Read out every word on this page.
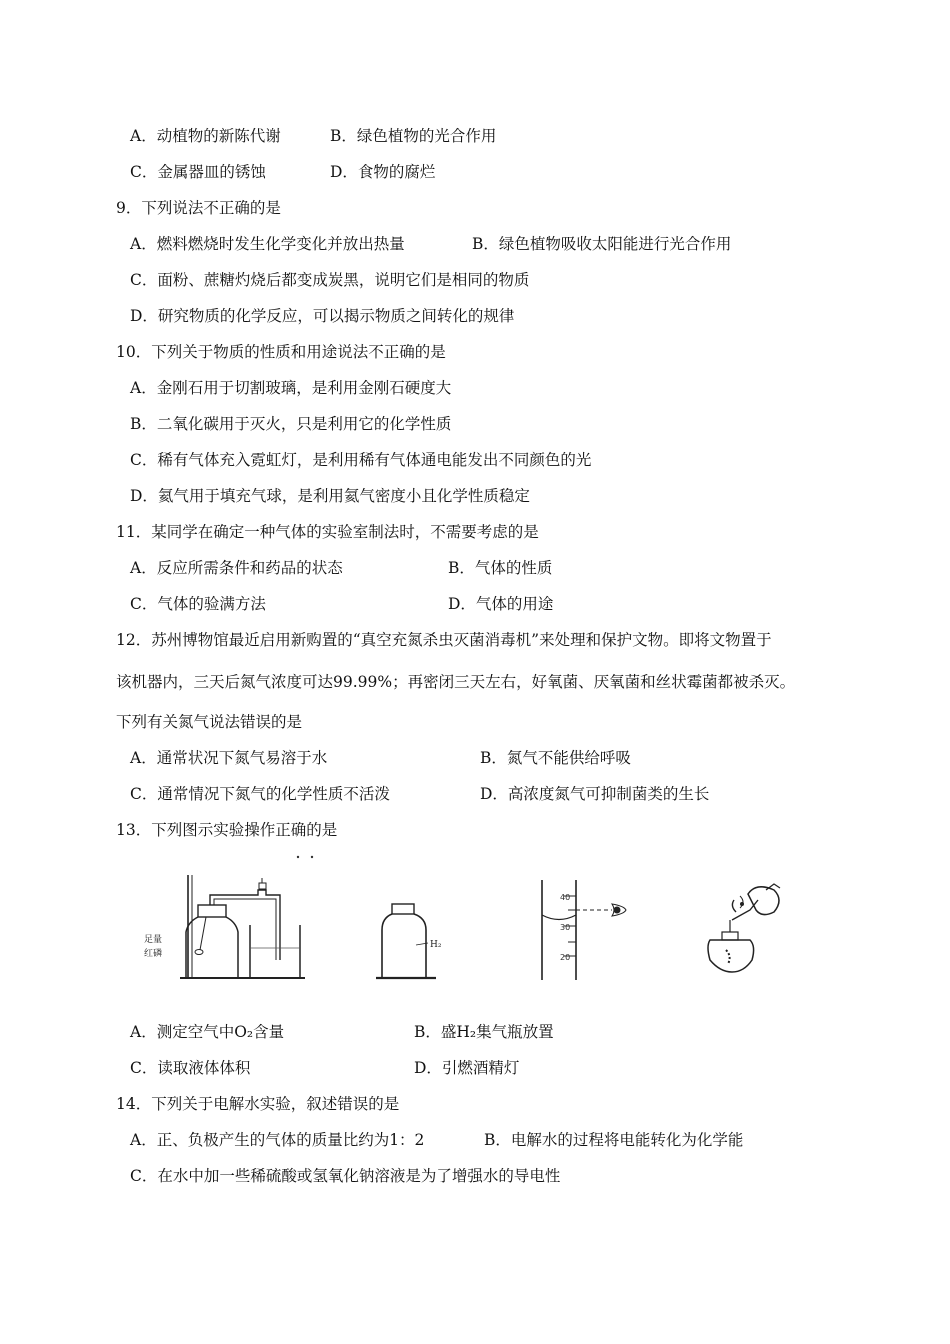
A．动植物的新陈代谢	B．绿色植物的光合作用
C．金属器皿的锈蚀	D．食物的腐烂
9．下列说法不正确的是
A．燃料燃烧时发生化学变化并放出热量	B．绿色植物吸收太阳能进行光合作用
C．面粉、蔗糖灼烧后都变成炭黑，说明它们是相同的物质
D．研究物质的化学反应，可以揭示物质之间转化的规律
10．下列关于物质的性质和用途说法不正确的是
A．金刚石用于切割玻璃，是利用金刚石硬度大
B．二氧化碳用于灭火，只是利用它的化学性质
C．稀有气体充入霓虹灯，是利用稀有气体通电能发出不同颜色的光
D．氦气用于填充气球，是利用氦气密度小且化学性质稳定
11．某同学在确定一种气体的实验室制法时，不需要考虑的是
A．反应所需条件和药品的状态	B．气体的性质
C．气体的验满方法	D．气体的用途
12．苏州博物馆最近启用新购置的“真空充氮杀虫灭菌消毒机”来处理和保护文物。即将文物置于
该机器内，三天后氮气浓度可达99.99%；再密闭三天左右，好氧菌、厌氧菌和丝状霉菌都被杀灭。
下列有关氮气说法错误的是
A．通常状况下氮气易溶于水	B．氮气不能供给呼吸
C．通常情况下氮气的化学性质不活泼	D．高浓度氮气可抑制菌类的生长
13．下列图示实验操作正确的是
足量
红磷
H₂
40
30
20
A．测定空气中O₂含量	B．盛H₂集气瓶放置
C．读取液体体积	D．引燃酒精灯
14．下列关于电解水实验，叙述错误的是
A．正、负极产生的气体的质量比约为1：2	B．电解水的过程将电能转化为化学能
C．在水中加一些稀硫酸或氢氧化钠溶液是为了增强水的导电性
